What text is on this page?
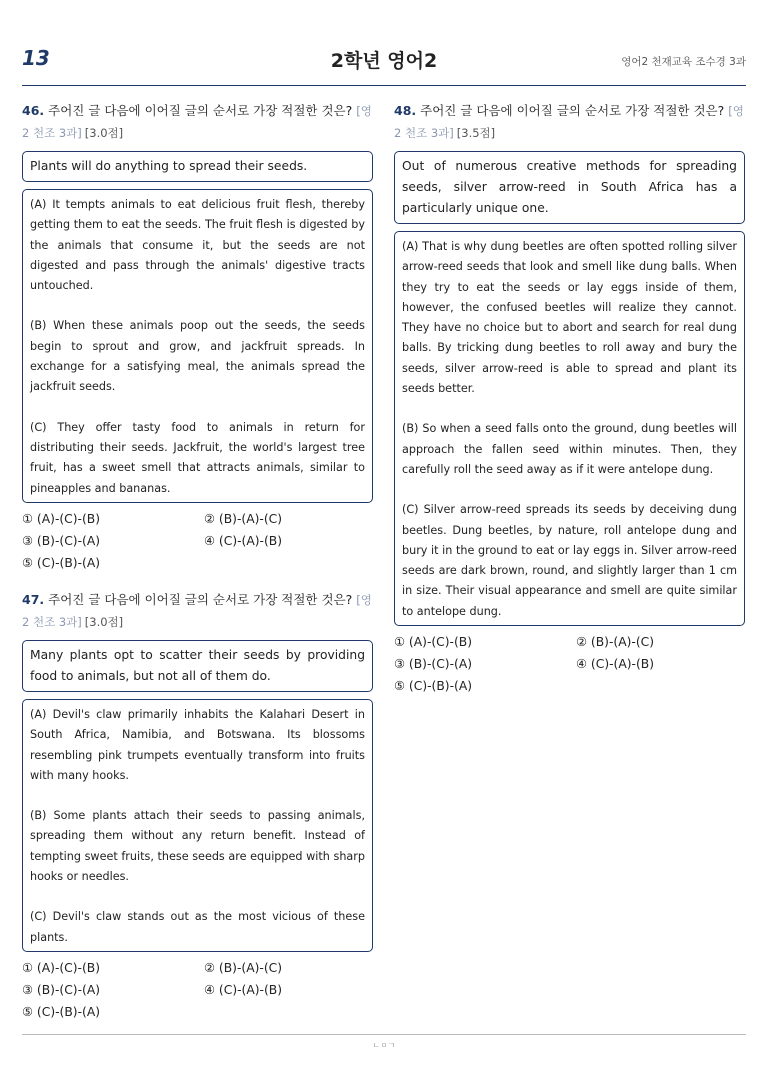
13	2학년 영어2	영어2 천재교육 조수경 3과
46. 주어진 글 다음에 이어질 글의 순서로 가장 적절한 것은? [영2 천조 3과] [3.0점]

Plants will do anything to spread their seeds.

(A) It tempts animals to eat delicious fruit flesh, thereby getting them to eat the seeds. The fruit flesh is digested by the animals that consume it, but the seeds are not digested and pass through the animals' digestive tracts untouched.

(B) When these animals poop out the seeds, the seeds begin to sprout and grow, and jackfruit spreads. In exchange for a satisfying meal, the animals spread the jackfruit seeds.

(C) They offer tasty food to animals in return for distributing their seeds. Jackfruit, the world's largest tree fruit, has a sweet smell that attracts animals, similar to pineapples and bananas.

① (A)-(C)-(B)	② (B)-(A)-(C)
③ (B)-(C)-(A)	④ (C)-(A)-(B)
⑤ (C)-(B)-(A)
47. 주어진 글 다음에 이어질 글의 순서로 가장 적절한 것은? [영2 천조 3과] [3.0점]

Many plants opt to scatter their seeds by providing food to animals, but not all of them do.

(A) Devil's claw primarily inhabits the Kalahari Desert in South Africa, Namibia, and Botswana. Its blossoms resembling pink trumpets eventually transform into fruits with many hooks.

(B) Some plants attach their seeds to passing animals, spreading them without any return benefit. Instead of tempting sweet fruits, these seeds are equipped with sharp hooks or needles.

(C) Devil's claw stands out as the most vicious of these plants.

① (A)-(C)-(B)	② (B)-(A)-(C)
③ (B)-(C)-(A)	④ (C)-(A)-(B)
⑤ (C)-(B)-(A)
48. 주어진 글 다음에 이어질 글의 순서로 가장 적절한 것은? [영2 천조 3과] [3.5점]

Out of numerous creative methods for spreading seeds, silver arrow-reed in South Africa has a particularly unique one.

(A) That is why dung beetles are often spotted rolling silver arrow-reed seeds that look and smell like dung balls. When they try to eat the seeds or lay eggs inside of them, however, the confused beetles will realize they cannot. They have no choice but to abort and search for real dung balls. By tricking dung beetles to roll away and bury the seeds, silver arrow-reed is able to spread and plant its seeds better.

(B) So when a seed falls onto the ground, dung beetles will approach the fallen seed within minutes. Then, they carefully roll the seed away as if it were antelope dung.

(C) Silver arrow-reed spreads its seeds by deceiving dung beetles. Dung beetles, by nature, roll antelope dung and bury it in the ground to eat or lay eggs in. Silver arrow-reed seeds are dark brown, round, and slightly larger than 1 cm in size. Their visual appearance and smell are quite similar to antelope dung.

① (A)-(C)-(B)	② (B)-(A)-(C)
③ (B)-(C)-(A)	④ (C)-(A)-(B)
⑤ (C)-(B)-(A)
ㄴㅇㄱ
